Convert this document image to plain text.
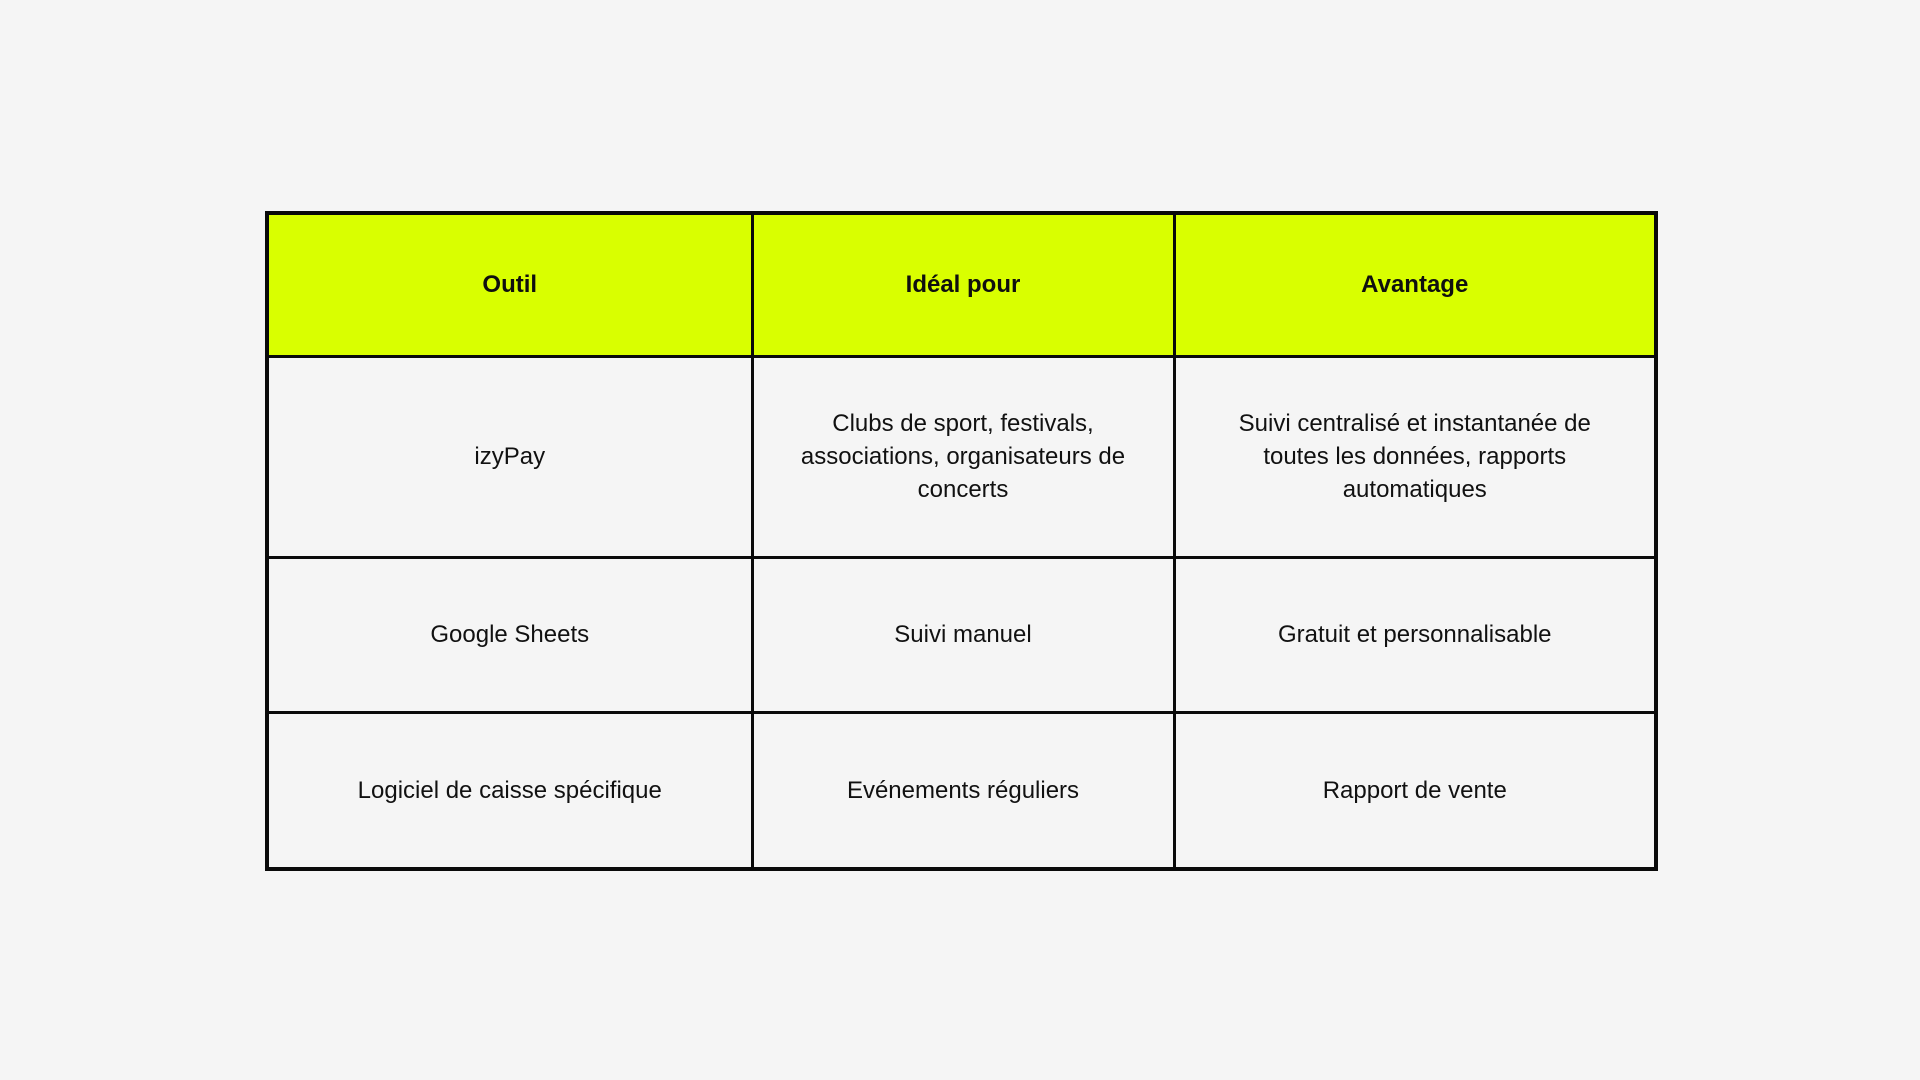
Outil	Idéal pour	Avantage
izyPay	Clubs de sport, festivals, associations, organisateurs de concerts	Suivi centralisé et instantanée de toutes les données, rapports automatiques
Google Sheets	Suivi manuel	Gratuit et personnalisable
Logiciel de caisse spécifique	Evénements réguliers	Rapport de vente
